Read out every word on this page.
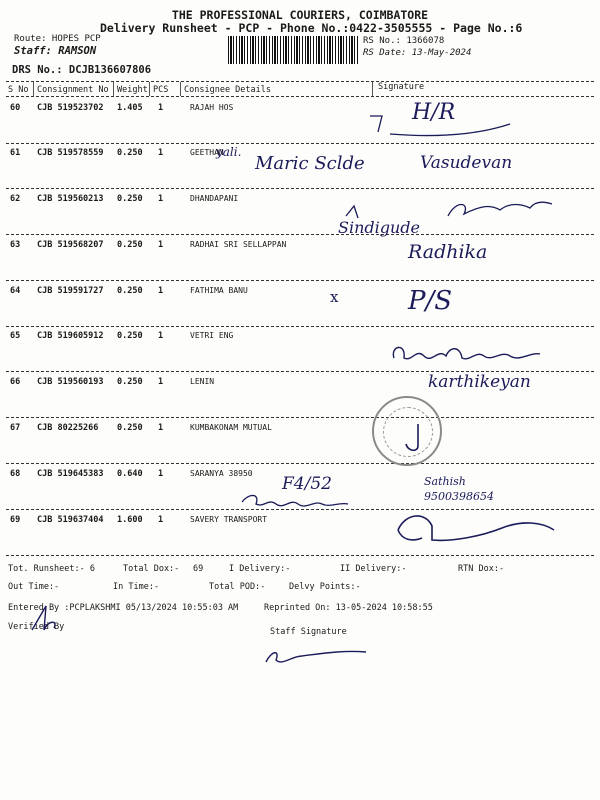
THE PROFESSIONAL COURIERS, COIMBATORE
Delivery Runsheet - PCP - Phone No.:0422-3505555 - Page No.:6
Route: HOPES PCP
Staff: RAMSON
DRS No.: DCJB136607806
RS No.: 1366078
RS Date: 13-May-2024
S No Consignment No Weight PCS Consignee Details	Signature
60 CJB 519523702 1.405 1	RAJAH HOS
61 CJB 519578559 0.250 1	GEETHAN
62 CJB 519560213 0.250 1	DHANDAPANI
63 CJB 519568207 0.250 1	RADHAI SRI SELLAPPAN
64 CJB 519591727 0.250 1	FATHIMA BANU
65 CJB 519605912 0.250 1	VETRI ENG
66 CJB 519560193 0.250 1	LENIN
67 CJB 80225266 0.250 1	KUMBAKONAM MUTUAL
68 CJB 519645383 0.640 1	SARANYA 38950
69 CJB 519637404 1.600 1	SAVERY TRANSPORT
H/R
yali.
Maric Sclde	Vasudevan
Sindigude
Radhika
x	P/S
karthikeyan
F4/52	Sathish
9500398654
Tot. Runsheet:- 6	Total Dox:- 69	I Delivery:-	II Delivery:-	RTN Dox:-
Out Time:-	In Time:-	Total POD:-	Delvy Points:-
Entered By :PCPLAKSHMI 05/13/2024 10:55:03 AM	Reprinted On: 13-05-2024 10:58:55
Verified By	Staff Signature
